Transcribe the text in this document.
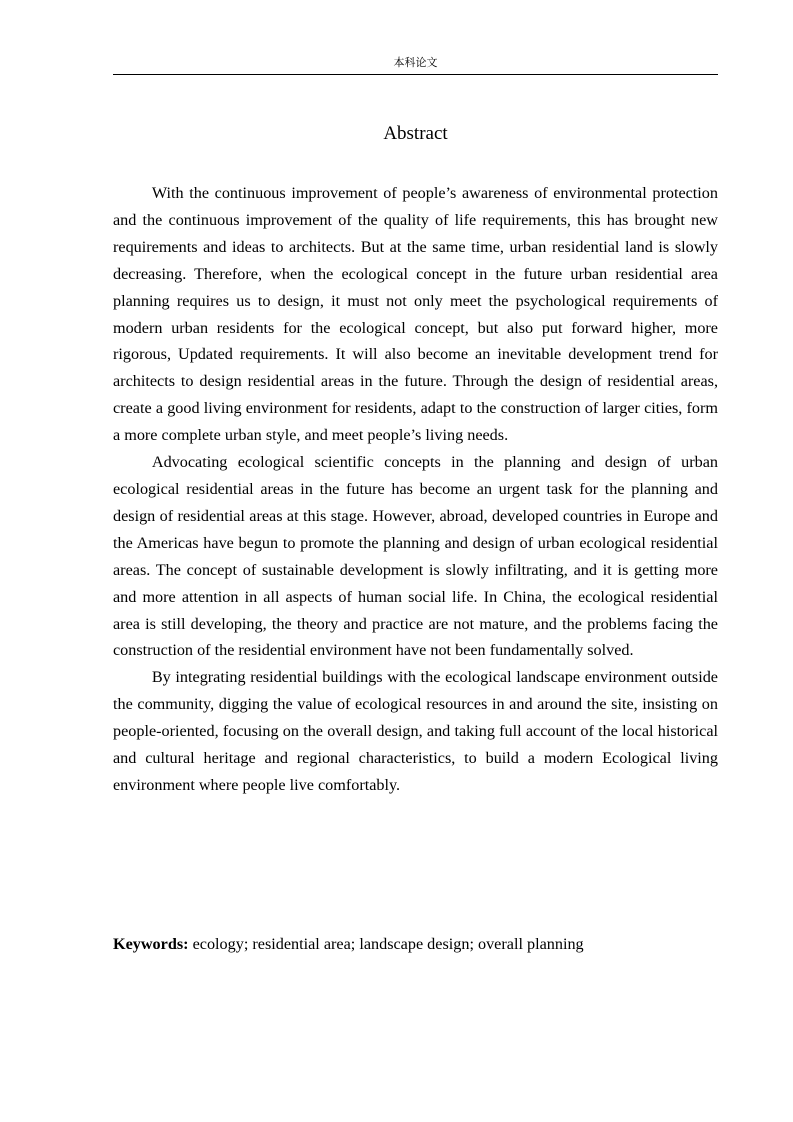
本科论文
Abstract

With the continuous improvement of people’s awareness of environmental protection and the continuous improvement of the quality of life requirements, this has brought new requirements and ideas to architects. But at the same time, urban residential land is slowly decreasing. Therefore, when the ecological concept in the future urban residential area planning requires us to design, it must not only meet the psychological requirements of modern urban residents for the ecological concept, but also put forward higher, more rigorous, Updated requirements. It will also become an inevitable development trend for architects to design residential areas in the future. Through the design of residential areas, create a good living environment for residents, adapt to the construction of larger cities, form a more complete urban style, and meet people’s living needs.

Advocating ecological scientific concepts in the planning and design of urban ecological residential areas in the future has become an urgent task for the planning and design of residential areas at this stage. However, abroad, developed countries in Europe and the Americas have begun to promote the planning and design of urban ecological residential areas. The concept of sustainable development is slowly infiltrating, and it is getting more and more attention in all aspects of human social life. In China, the ecological residential area is still developing, the theory and practice are not mature, and the problems facing the construction of the residential environment have not been fundamentally solved.

By integrating residential buildings with the ecological landscape environment outside the community, digging the value of ecological resources in and around the site, insisting on people-oriented, focusing on the overall design, and taking full account of the local historical and cultural heritage and regional characteristics, to build a modern Ecological living environment where people live comfortably.

Keywords: ecology; residential area; landscape design; overall planning
